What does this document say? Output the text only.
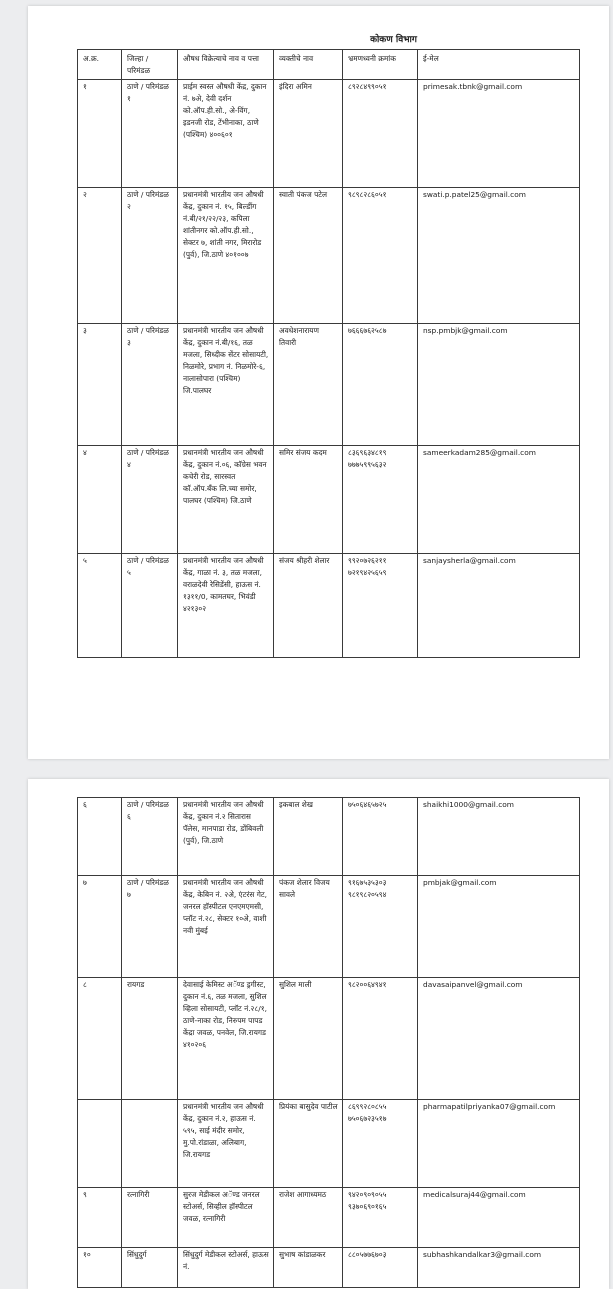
कोकण विभाग
अ.क्र.	जिल्हा / परिमंडळ	औषध विक्रेत्याचे नाव व पत्ता	व्यक्तीचे नाव	भ्रमणध्वनी क्रमांक	ई-मेल
१	ठाणे / परिमंडळ १	प्राईम स्वस्त औषधी केंद्र, दुकान नं. ७अे, देवी दर्शन को.ऑप.ही.सो., अे-विंग, इडनजी रोड, टेंभीनाका, ठाणे (पश्चिम) ४००६०१	इंदिरा अमिन	८९२८४९९०५१	primesak.tbnk@gmail.com
२	ठाणे / परिमंडळ २	प्रधानमंत्री भारतीय जन औषधी केंद्र, दुकान नं. १५, बिल्डींग नं.बी/२१/२२/२३, कपिला शांतीनगर को.ऑप.ही.सो., सेक्टर ७, शांती नगर, मिरारोड (पुर्व), जि.ठाणे ४०१००७	स्वाती पंकज पटेल	९८९८२८६०५१	swati.p.patel25@gmail.com
३	ठाणे / परिमंडळ ३	प्रधानमंत्री भारतीय जन औषधी केंद्र, दुकान नं.बी/१६, तळ मजला, सिध्दीक सेंटर सोसायटी, निळमोरे, प्रभाग नं. निळमोरे-६, नालासोपारा (पश्चिम) जि.पालघर	अवधेशनारायण तिवारी	७६६६७६२५८७	nsp.pmbjk@gmail.com
४	ठाणे / परिमंडळ ४	प्रधानमंत्री भारतीय जन औषधी केंद्र, दुकान नं.०६, कॉग्रेस भवन कचेरी रोड, सारस्वत कॉ.ऑप.बँक लि.च्या समोर, पालघर (पश्चिम) जि.ठाणे	समिर संजय कदम	८३६९६३४८१९ ७७७५९९५६३२	sameerkadam285@gmail.com
५	ठाणे / परिमंडळ ५	प्रधानमंत्री भारतीय जन औषधी केंद्र, गाळा नं. ३, तळ मजला, वराळदेवी रेसिडेंसी, हाऊस नं. १३११/0, कामतघर, भिवंडी ४२१३०२	संजय श्रीहरी शेलार	९९२०७२६२११ ७२१९४२५६५९	sanjaysherla@gmail.com
६	ठाणे / परिमंडळ ६	प्रधानमंत्री भारतीय जन औषधी केंद्र, दुकान नं.२ सितारास पॅलेस, मानपाडा रोड, डोंबिवली (पुर्व), जि.ठाणे	इकबाल शेख	७५०६४६५७२५	shaikhi1000@gmail.com
७	ठाणे / परिमंडळ ७	प्रधानमंत्री भारतीय जन औषधी केंद्र, केबिन नं. २अे, एंटरंस गेट, जनरल हॉस्पीटल एनएमएमसी, प्लॉट नं.२८, सेक्टर १०अे, वाशी नवी मुंबई	पंकज शेलार विजय सावले	९१६७५३५३०३ ९८१९८२०५९४	pmbjak@gmail.com
८	रायगड	देवासाई केमिस्ट अॅण्ड ड्रगीस्ट, दुकान नं.६, तळ मजला, सुशिल व्हिला सोसायटी, प्लॉट नं.२८/१, ठाणे-नाका रोड, निरुपम पापड केंद्रा जवळ, पनवेल, जि.रायगड ४१०२०६	सुशिल माली	९८२००६४९४१	davasaipanvel@gmail.com
		प्रधानमंत्री भारतीय जन औषधी केंद्र, दुकान नं.२, हाऊस नं. ५९५, साई मंदीर समोर, मु.पो.रांडाळा, अलिबाग, जि.रायगड	प्रियंका बासुदेव पाटील	८६९९२८०८५५ ७५०६७२३५१७	pharmapatilpriyanka07@gmail.com
९	रत्नागिरी	सुरज मेडीकल अॅण्ड जनरल स्टोअर्स, सिव्हील हॉस्पीटल जवळ, रत्नागिरी	राजेश आगाध्यमठ	९४२०९०९०५५ ९३७०६९०१६५	medicalsuraj44@gmail.com
१०	सिंधुदुर्ग	सिंधुदुर्ग मेडीकल स्टोअर्स, हाऊस नं.	सुभाष कांडाळकर	८८०५७७६७०३	subhashkandalkar3@gmail.com
